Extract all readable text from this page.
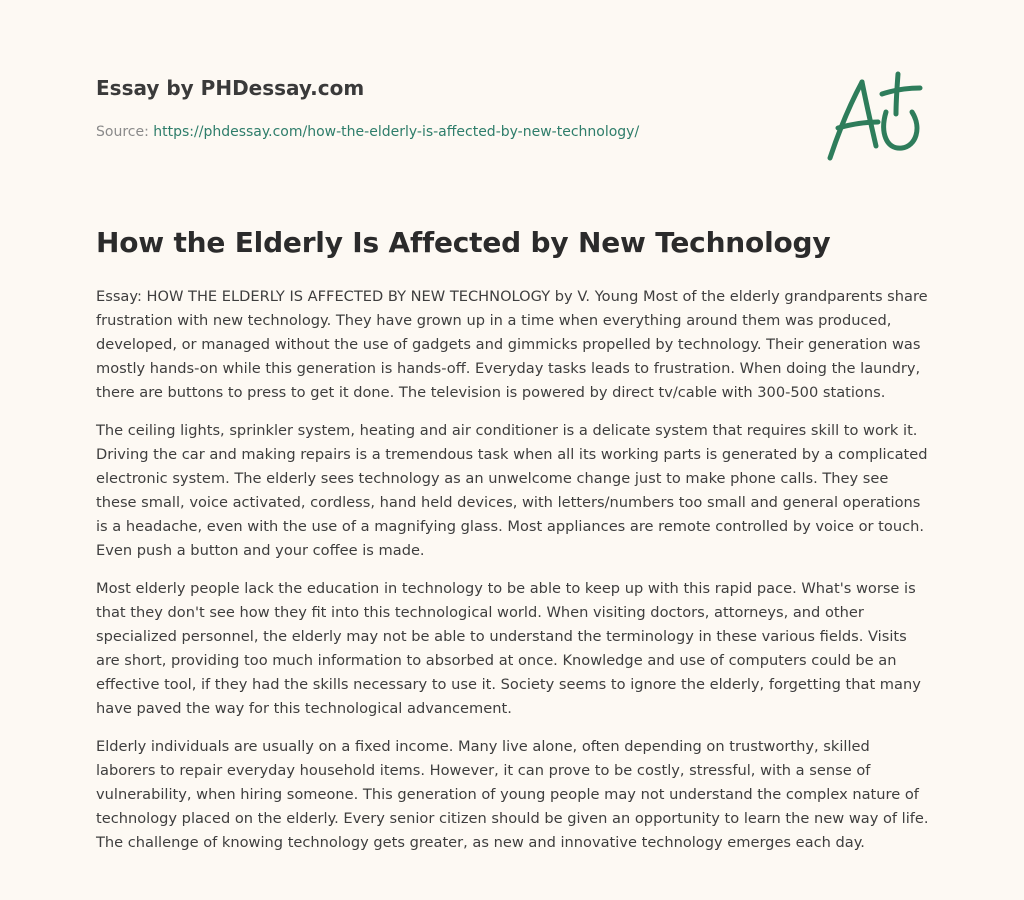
Essay by PHDessay.com
Source: https://phdessay.com/how-the-elderly-is-affected-by-new-technology/
How the Elderly Is Affected by New Technology

Essay: HOW THE ELDERLY IS AFFECTED BY NEW TECHNOLOGY by V. Young Most of the elderly grandparents share frustration with new technology. They have grown up in a time when everything around them was produced, developed, or managed without the use of gadgets and gimmicks propelled by technology. Their generation was mostly hands-on while this generation is hands-off. Everyday tasks leads to frustration. When doing the laundry, there are buttons to press to get it done. The television is powered by direct tv/cable with 300-500 stations.

The ceiling lights, sprinkler system, heating and air conditioner is a delicate system that requires skill to work it. Driving the car and making repairs is a tremendous task when all its working parts is generated by a complicated electronic system. The elderly sees technology as an unwelcome change just to make phone calls. They see these small, voice activated, cordless, hand held devices, with letters/numbers too small and general operations is a headache, even with the use of a magnifying glass. Most appliances are remote controlled by voice or touch. Even push a button and your coffee is made.

Most elderly people lack the education in technology to be able to keep up with this rapid pace. What's worse is that they don't see how they fit into this technological world. When visiting doctors, attorneys, and other specialized personnel, the elderly may not be able to understand the terminology in these various fields. Visits are short, providing too much information to absorbed at once. Knowledge and use of computers could be an effective tool, if they had the skills necessary to use it. Society seems to ignore the elderly, forgetting that many have paved the way for this technological advancement.

Elderly individuals are usually on a fixed income. Many live alone, often depending on trustworthy, skilled laborers to repair everyday household items. However, it can prove to be costly, stressful, with a sense of vulnerability, when hiring someone. This generation of young people may not understand the complex nature of technology placed on the elderly. Every senior citizen should be given an opportunity to learn the new way of life. The challenge of knowing technology gets greater, as new and innovative technology emerges each day.
